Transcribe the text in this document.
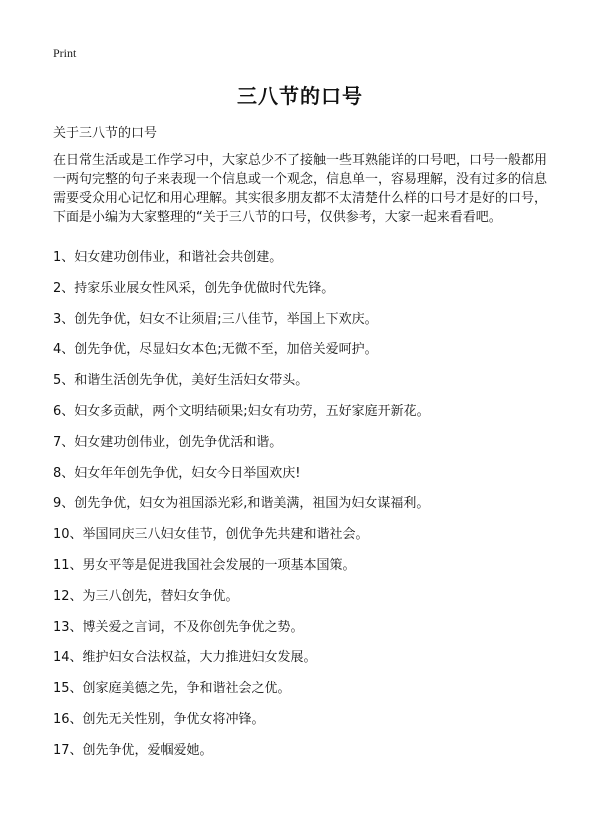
Print
三八节的口号
关于三八节的口号

在日常生活或是工作学习中，大家总少不了接触一些耳熟能详的口号吧，口号一般都用一两句完整的句子来表现一个信息或一个观念，信息单一，容易理解，没有过多的信息需要受众用心记忆和用心理解。其实很多朋友都不太清楚什么样的口号才是好的口号，下面是小编为大家整理的“关于三八节的口号，仅供参考，大家一起来看看吧。

1、妇女建功创伟业，和谐社会共创建。
2、持家乐业展女性风采，创先争优做时代先锋。
3、创先争优，妇女不让须眉;三八佳节，举国上下欢庆。
4、创先争优，尽显妇女本色;无微不至，加倍关爱呵护。
5、和谐生活创先争优，美好生活妇女带头。
6、妇女多贡献，两个文明结硕果;妇女有功劳，五好家庭开新花。
7、妇女建功创伟业，创先争优活和谐。
8、妇女年年创先争优，妇女今日举国欢庆!
9、创先争优，妇女为祖国添光彩,和谐美满，祖国为妇女谋福利。
10、举国同庆三八妇女佳节，创优争先共建和谐社会。
11、男女平等是促进我国社会发展的一项基本国策。
12、为三八创先，替妇女争优。
13、博关爱之言词，不及你创先争优之势。
14、维护妇女合法权益，大力推进妇女发展。
15、创家庭美德之先，争和谐社会之优。
16、创先无关性别，争优女将冲锋。
17、创先争优，爱帼爱她。
